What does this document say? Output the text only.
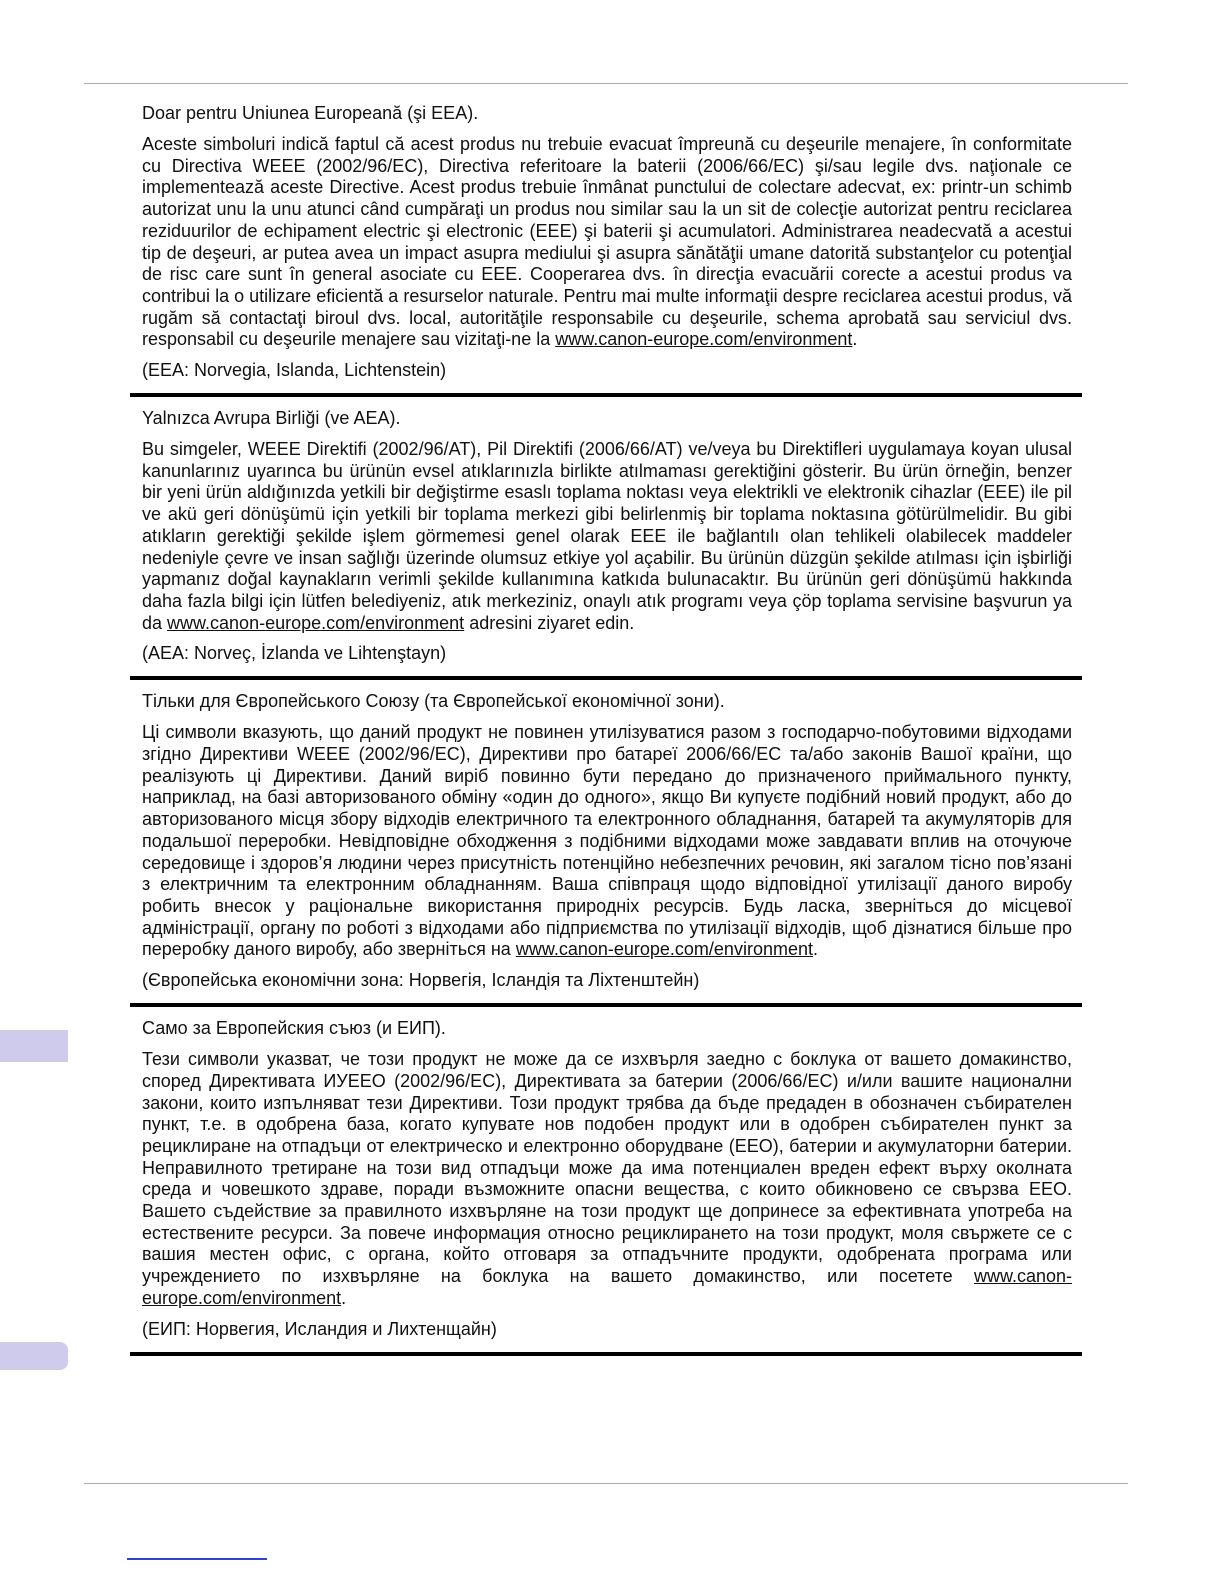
Doar pentru Uniunea Europeană (şi EEA).

Aceste simboluri indică faptul că acest produs nu trebuie evacuat împreună cu deşeurile menajere, în conformitate cu Directiva WEEE (2002/96/EC), Directiva referitoare la baterii (2006/66/EC) şi/sau legile dvs. naţionale ce implementează aceste Directive. Acest produs trebuie înmânat punctului de colectare adecvat, ex: printr-un schimb autorizat unu la unu atunci când cumpăraţi un produs nou similar sau la un sit de colecţie autorizat pentru reciclarea reziduurilor de echipament electric şi electronic (EEE) şi baterii şi acumulatori. Administrarea neadecvată a acestui tip de deşeuri, ar putea avea un impact asupra mediului şi asupra sănătăţii umane datorită substanţelor cu potenţial de risc care sunt în general asociate cu EEE. Cooperarea dvs. în direcţia evacuării corecte a acestui produs va contribui la o utilizare eficientă a resurselor naturale. Pentru mai multe informaţii despre reciclarea acestui produs, vă rugăm să contactaţi biroul dvs. local, autorităţile responsabile cu deşeurile, schema aprobată sau serviciul dvs. responsabil cu deşeurile menajere sau vizitaţi-ne la www.canon-europe.com/environment.

(EEA: Norvegia, Islanda, Lichtenstein)

Yalnızca Avrupa Birliği (ve AEA).

Bu simgeler, WEEE Direktifi (2002/96/AT), Pil Direktifi (2006/66/AT) ve/veya bu Direktifleri uygulamaya koyan ulusal kanunlarınız uyarınca bu ürünün evsel atıklarınızla birlikte atılmaması gerektiğini gösterir. Bu ürün örneğin, benzer bir yeni ürün aldığınızda yetkili bir değiştirme esaslı toplama noktası veya elektrikli ve elektronik cihazlar (EEE) ile pil ve akü geri dönüşümü için yetkili bir toplama merkezi gibi belirlenmiş bir toplama noktasına götürülmelidir. Bu gibi atıkların gerektiği şekilde işlem görmemesi genel olarak EEE ile bağlantılı olan tehlikeli olabilecek maddeler nedeniyle çevre ve insan sağlığı üzerinde olumsuz etkiye yol açabilir. Bu ürünün düzgün şekilde atılması için işbirliği yapmanız doğal kaynakların verimli şekilde kullanımına katkıda bulunacaktır. Bu ürünün geri dönüşümü hakkında daha fazla bilgi için lütfen belediyeniz, atık merkeziniz, onaylı atık programı veya çöp toplama servisine başvurun ya da www.canon-europe.com/environment adresini ziyaret edin.

(AEA: Norveç, İzlanda ve Lihtenştayn)

Тільки для Європейського Союзу (та Європейської економічної зони).

Ці символи вказують, що даний продукт не повинен утилізуватися разом з господарчо-побутовими відходами згідно Директиви WEEE (2002/96/EC), Директиви про батареї 2006/66/EC та/або законів Вашої країни, що реалізують ці Директиви. Даний виріб повинно бути передано до призначеного приймального пункту, наприклад, на базі авторизованого обміну «один до одного», якщо Ви купуєте подібний новий продукт, або до авторизованого місця збору відходів електричного та електронного обладнання, батарей та акумуляторів для подальшої переробки. Невідповідне обходження з подібними відходами може завдавати вплив на оточуюче середовище і здоров’я людини через присутність потенційно небезпечних речовин, які загалом тісно пов’язані з електричним та електронним обладнанням. Ваша співпраця щодо відповідної утилізації даного виробу робить внесок у раціональне використання природніх ресурсів. Будь ласка, зверніться до місцевої адміністрації, органу по роботі з відходами або підприємства по утилізації відходів, щоб дізнатися більше про переробку даного виробу, або зверніться на www.canon-europe.com/environment.

(Європейська економічни зона: Норвегія, Ісландія та Ліхтенштейн)

Само за Европейския съюз (и ЕИП).

Тези символи указват, че този продукт не може да се изхвърля заедно с боклука от вашето домакинство, според Директивата ИУЕЕО (2002/96/EC), Директивата за батерии (2006/66/EC) и/или вашите национални закони, които изпълняват тези Директиви. Този продукт трябва да бъде предаден в обозначен събирателен пункт, т.е. в одобрена база, когато купувате нов подобен продукт или в одобрен събирателен пункт за рециклиране на отпадъци от електрическо и електронно оборудване (ЕЕО), батерии и акумулаторни батерии. Неправилното третиране на този вид отпадъци може да има потенциален вреден ефект върху околната среда и човешкото здраве, поради възможните опасни вещества, с които обикновено се свързва ЕЕО. Вашето съдействие за правилното изхвърляне на този продукт ще допринесе за ефективната употреба на естествените ресурси. За повече информация относно рециклирането на този продукт, моля свържете се с вашия местен офис, с органа, който отговаря за отпадъчните продукти, одобрената програма или учреждението по изхвърляне на боклука на вашето домакинство, или посетете www.canon-europe.com/environment.

(ЕИП: Норвегия, Исландия и Лихтенщайн)
